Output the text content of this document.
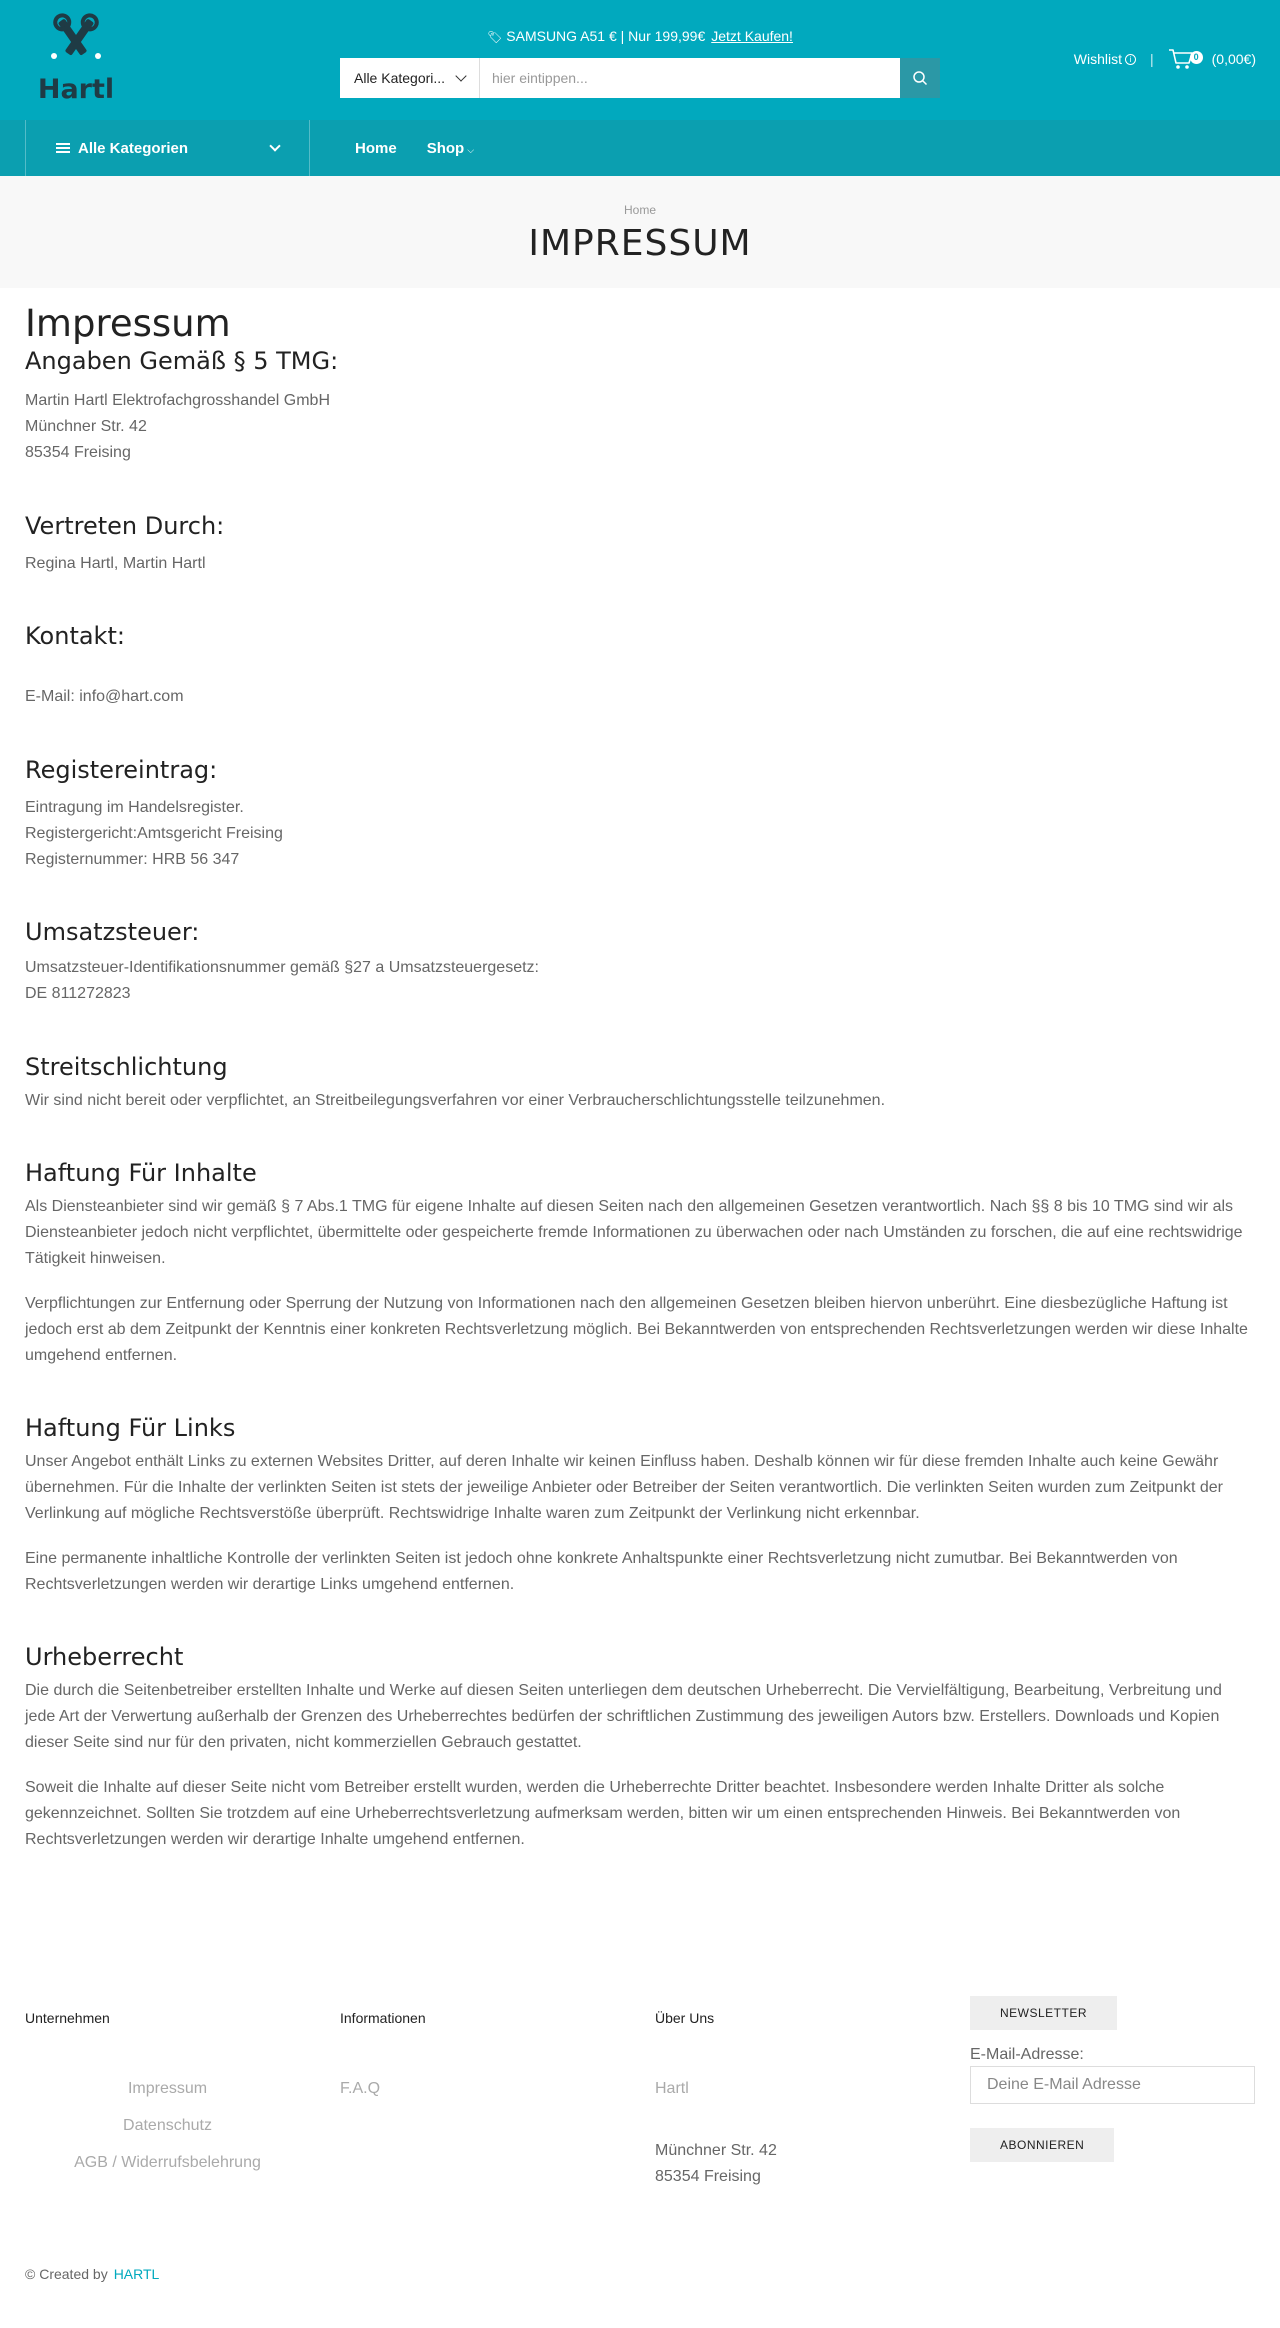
Hartl
🏷 SAMSUNG A51 € | Nur 199,99€ Jetzt Kaufen!
Alle Kategori...
hier eintippen...
Wishlist i	|	0 (0,00€)
Alle Kategorien	Home Shop ⌵
Home
IMPRESSUM
Impressum
Angaben Gemäß § 5 TMG:

Martin Hartl Elektrofachgrosshandel GmbH
Münchner Str. 42
85354 Freising

Vertreten Durch:

Regina Hartl, Martin Hartl

Kontakt:

E-Mail: info@hart.com

Registereintrag:

Eintragung im Handelsregister.
Registergericht:Amtsgericht Freising
Registernummer: HRB 56 347

Umsatzsteuer:

Umsatzsteuer-Identifikationsnummer gemäß §27 a Umsatzsteuergesetz:
DE 811272823

Streitschlichtung

Wir sind nicht bereit oder verpflichtet, an Streitbeilegungsverfahren vor einer Verbraucherschlichtungsstelle teilzunehmen.

Haftung Für Inhalte

Als Diensteanbieter sind wir gemäß § 7 Abs.1 TMG für eigene Inhalte auf diesen Seiten nach den allgemeinen Gesetzen verantwortlich. Nach §§ 8 bis 10 TMG sind wir als Diensteanbieter jedoch nicht verpflichtet, übermittelte oder gespeicherte fremde Informationen zu überwachen oder nach Umständen zu forschen, die auf eine rechtswidrige Tätigkeit hinweisen.

Verpflichtungen zur Entfernung oder Sperrung der Nutzung von Informationen nach den allgemeinen Gesetzen bleiben hiervon unberührt. Eine diesbezügliche Haftung ist jedoch erst ab dem Zeitpunkt der Kenntnis einer konkreten Rechtsverletzung möglich. Bei Bekanntwerden von entsprechenden Rechtsverletzungen werden wir diese Inhalte umgehend entfernen.

Haftung Für Links

Unser Angebot enthält Links zu externen Websites Dritter, auf deren Inhalte wir keinen Einfluss haben. Deshalb können wir für diese fremden Inhalte auch keine Gewähr übernehmen. Für die Inhalte der verlinkten Seiten ist stets der jeweilige Anbieter oder Betreiber der Seiten verantwortlich. Die verlinkten Seiten wurden zum Zeitpunkt der Verlinkung auf mögliche Rechtsverstöße überprüft. Rechtswidrige Inhalte waren zum Zeitpunkt der Verlinkung nicht erkennbar.

Eine permanente inhaltliche Kontrolle der verlinkten Seiten ist jedoch ohne konkrete Anhaltspunkte einer Rechtsverletzung nicht zumutbar. Bei Bekanntwerden von Rechtsverletzungen werden wir derartige Links umgehend entfernen.

Urheberrecht

Die durch die Seitenbetreiber erstellten Inhalte und Werke auf diesen Seiten unterliegen dem deutschen Urheberrecht. Die Vervielfältigung, Bearbeitung, Verbreitung und jede Art der Verwertung außerhalb der Grenzen des Urheberrechtes bedürfen der schriftlichen Zustimmung des jeweiligen Autors bzw. Erstellers. Downloads und Kopien dieser Seite sind nur für den privaten, nicht kommerziellen Gebrauch gestattet.

Soweit die Inhalte auf dieser Seite nicht vom Betreiber erstellt wurden, werden die Urheberrechte Dritter beachtet. Insbesondere werden Inhalte Dritter als solche gekennzeichnet. Sollten Sie trotzdem auf eine Urheberrechtsverletzung aufmerksam werden, bitten wir um einen entsprechenden Hinweis. Bei Bekanntwerden von Rechtsverletzungen werden wir derartige Inhalte umgehend entfernen.

Unternehmen
Impressum
Datenschutz
AGB / Widerrufsbelehrung
Informationen
F.A.Q
Über Uns
Hartl
Münchner Str. 42
85354 Freising
NEWSLETTER
E-Mail-Adresse:
Deine E-Mail Adresse
ABONNIEREN
© Created by HARTL
